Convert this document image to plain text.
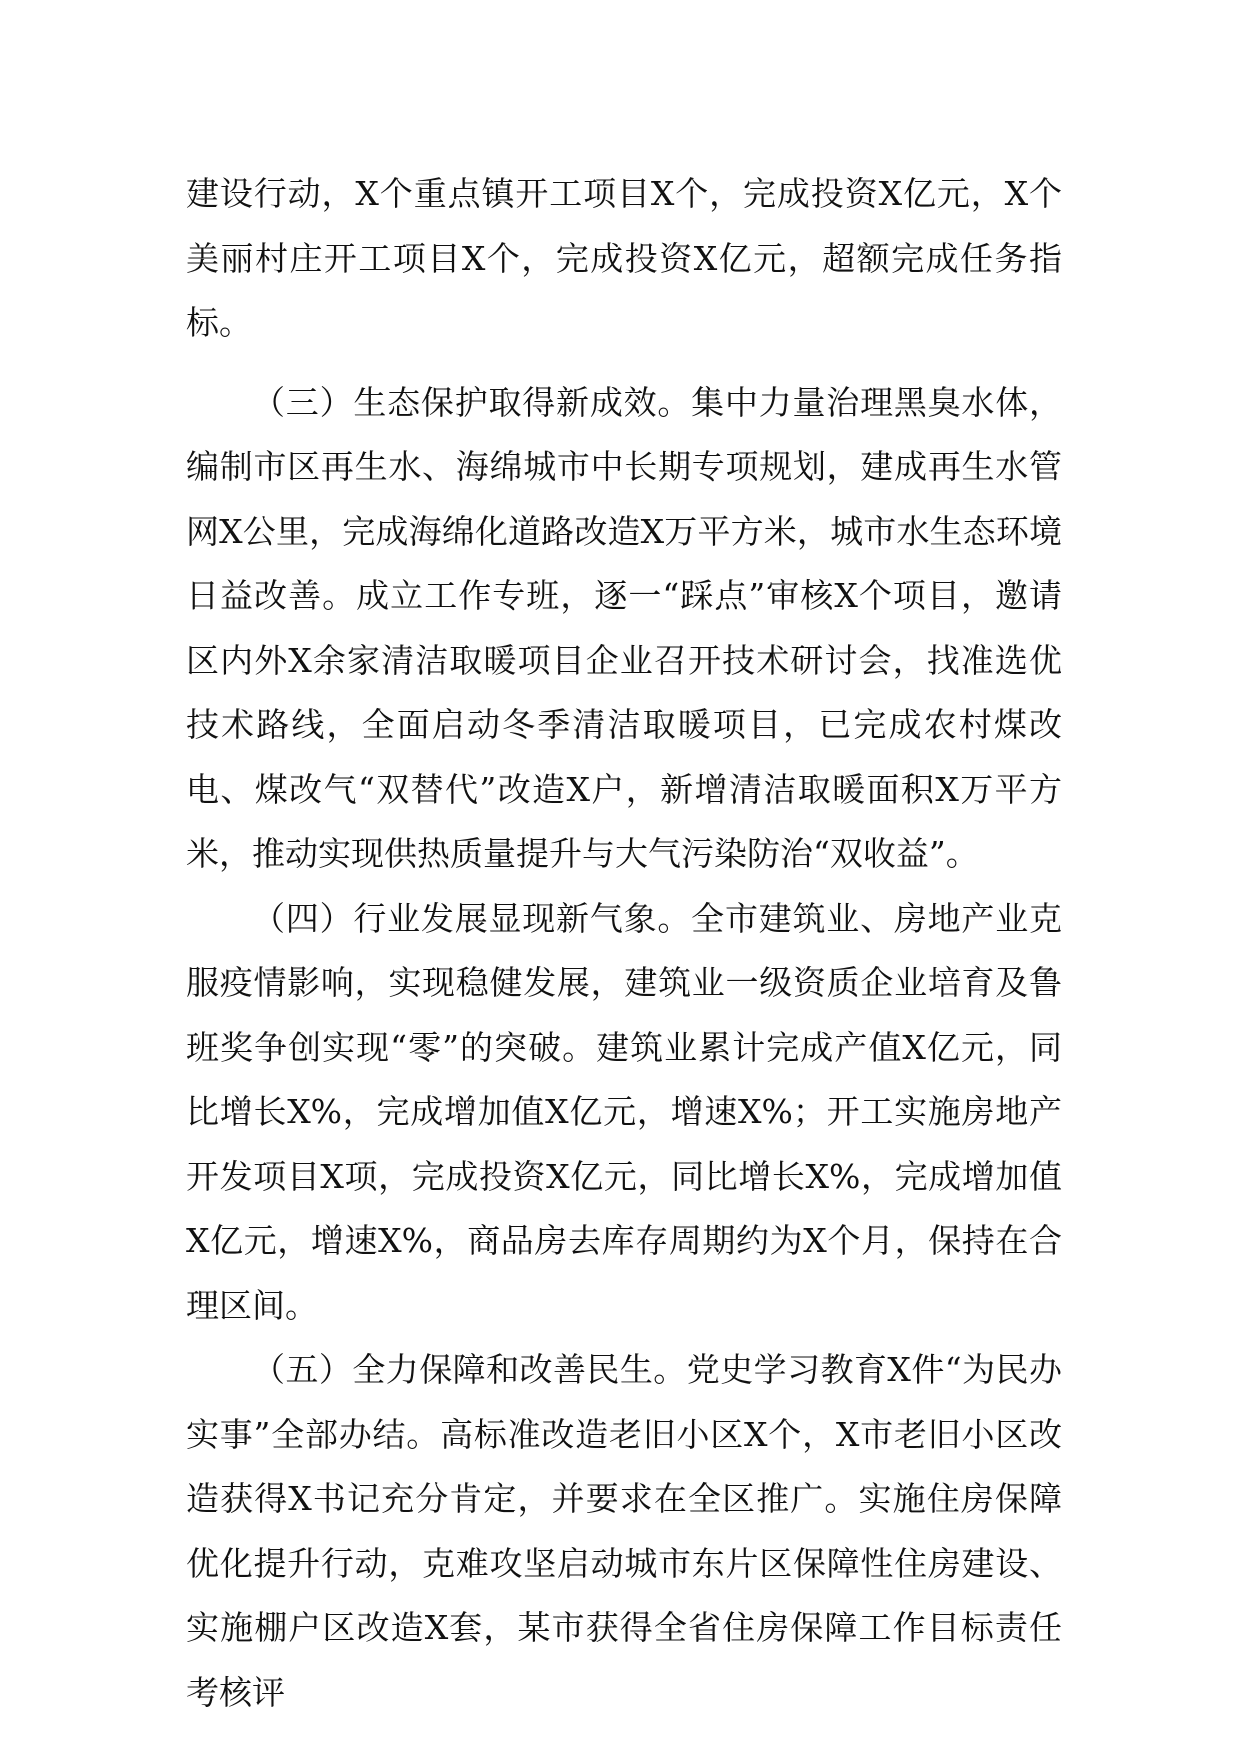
建设行动，X个重点镇开工项目X个，完成投资X亿元，X个美丽村庄开工项目X个，完成投资X亿元，超额完成任务指标。

（三）生态保护取得新成效。集中力量治理黑臭水体，编制市区再生水、海绵城市中长期专项规划，建成再生水管网X公里，完成海绵化道路改造X万平方米，城市水生态环境日益改善。成立工作专班，逐一“踩点”审核X个项目，邀请区内外X余家清洁取暖项目企业召开技术研讨会，找准选优技术路线，全面启动冬季清洁取暖项目，已完成农村煤改电、煤改气“双替代”改造X户，新增清洁取暖面积X万平方米，推动实现供热质量提升与大气污染防治“双收益”。

（四）行业发展显现新气象。全市建筑业、房地产业克服疫情影响，实现稳健发展，建筑业一级资质企业培育及鲁班奖争创实现“零”的突破。建筑业累计完成产值X亿元，同比增长X%，完成增加值X亿元，增速X%；开工实施房地产开发项目X项，完成投资X亿元，同比增长X%，完成增加值X亿元，增速X%，商品房去库存周期约为X个月，保持在合理区间。

（五）全力保障和改善民生。党史学习教育X件“为民办实事”全部办结。高标准改造老旧小区X个，X市老旧小区改造获得X书记充分肯定，并要求在全区推广。实施住房保障优化提升行动，克难攻坚启动城市东片区保障性住房建设、实施棚户区改造X套，某市获得全省住房保障工作目标责任考核评
